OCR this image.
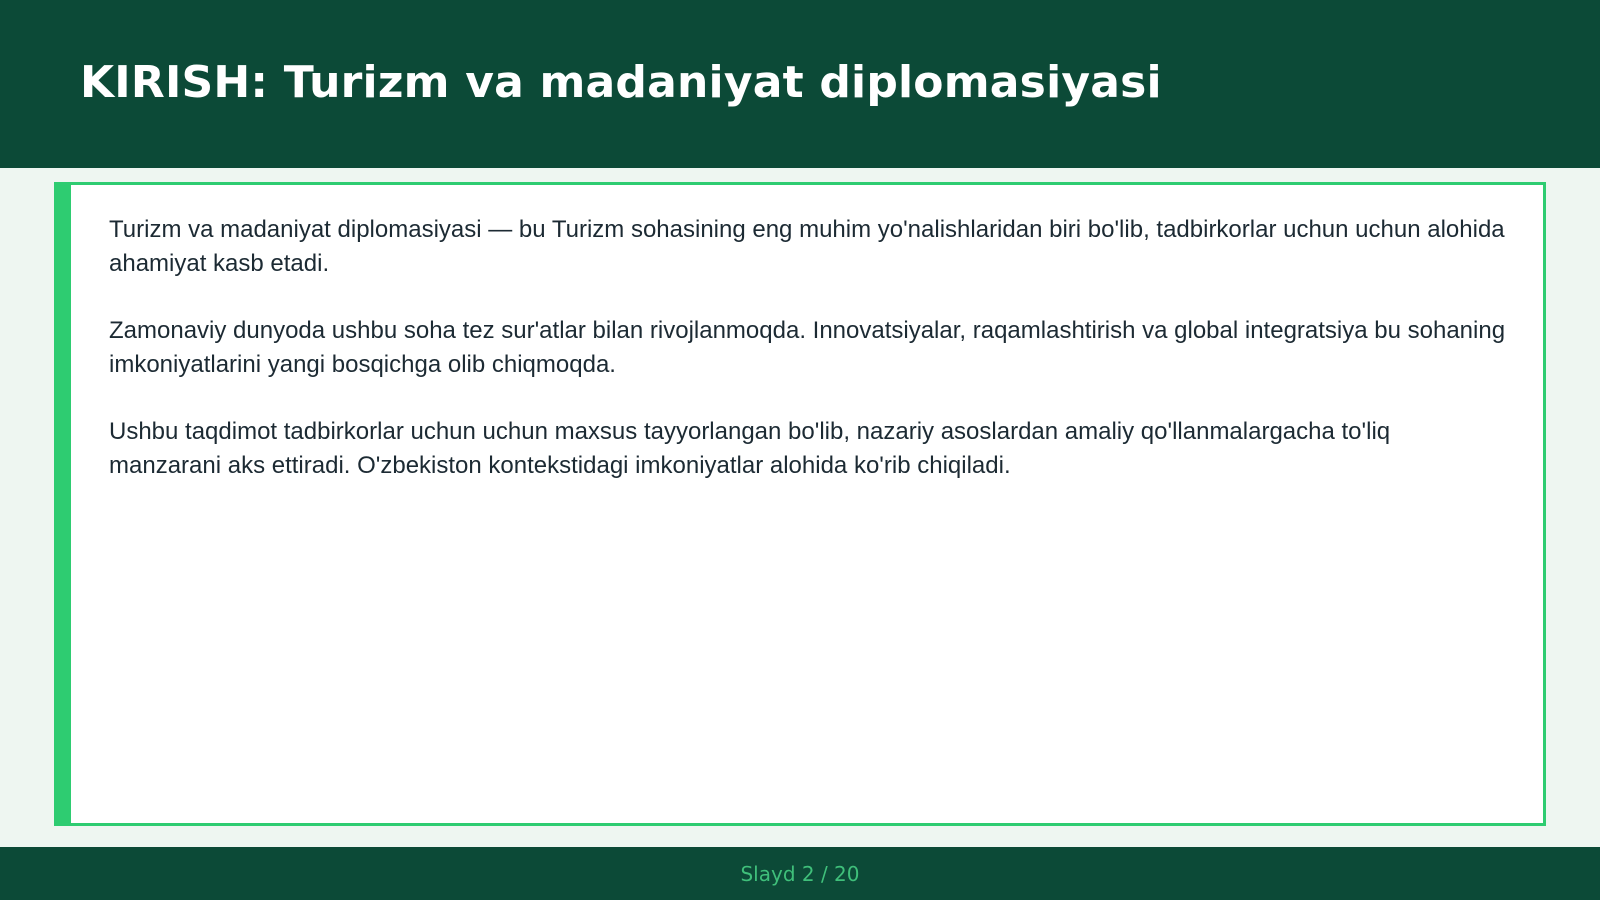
KIRISH: Turizm va madaniyat diplomasiyasi

Turizm va madaniyat diplomasiyasi — bu Turizm sohasining eng muhim yo'nalishlaridan biri bo'lib, tadbirkorlar uchun uchun alohida ahamiyat kasb etadi.

Zamonaviy dunyoda ushbu soha tez sur'atlar bilan rivojlanmoqda. Innovatsiyalar, raqamlashtirish va global integratsiya bu sohaning imkoniyatlarini yangi bosqichga olib chiqmoqda.

Ushbu taqdimot tadbirkorlar uchun uchun maxsus tayyorlangan bo'lib, nazariy asoslardan amaliy qo'llanmalargacha to'liq manzarani aks ettiradi. O'zbekiston kontekstidagi imkoniyatlar alohida ko'rib chiqiladi.

Slayd 2 / 20
